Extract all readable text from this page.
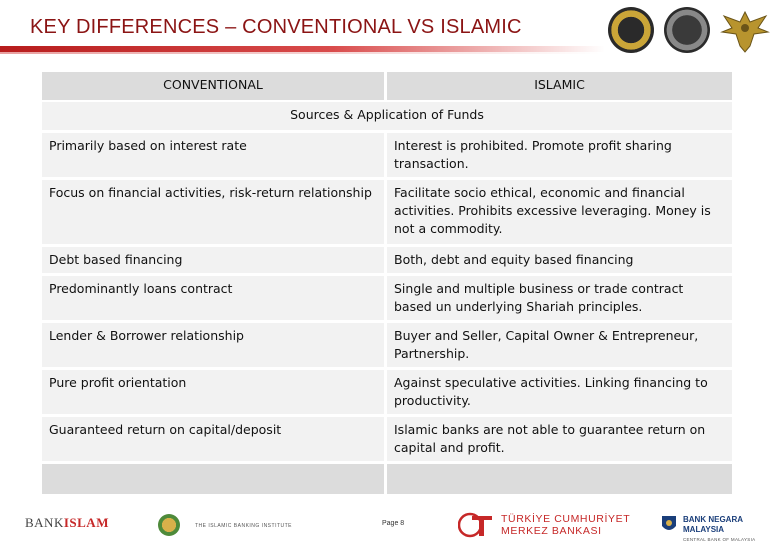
KEY DIFFERENCES – CONVENTIONAL VS ISLAMIC
CONVENTIONAL	ISLAMIC
Sources & Application of Funds	
Primarily based on interest rate	Interest is prohibited. Promote profit sharing transaction.
Focus on financial activities, risk-return relationship	Facilitate socio ethical, economic and financial activities. Prohibits excessive leveraging. Money is not a commodity.
Debt based financing	Both, debt and equity based financing
Predominantly loans contract	Single and multiple business or trade contract based un underlying Shariah principles.
Lender & Borrower relationship	Buyer and Seller, Capital Owner & Entrepreneur, Partnership.
Pure profit orientation	Against speculative activities. Linking financing to productivity.
Guaranteed return on capital/deposit	Islamic banks are not able to guarantee return on capital and profit.

BANKISLAM	THE ISLAMIC BANKING INSTITUTE	Page 8	TÜRKİYE CUMHURİYET
MERKEZ BANKASI
BANK NEGARA MALAYSIA
CENTRAL BANK OF MALAYSIA
